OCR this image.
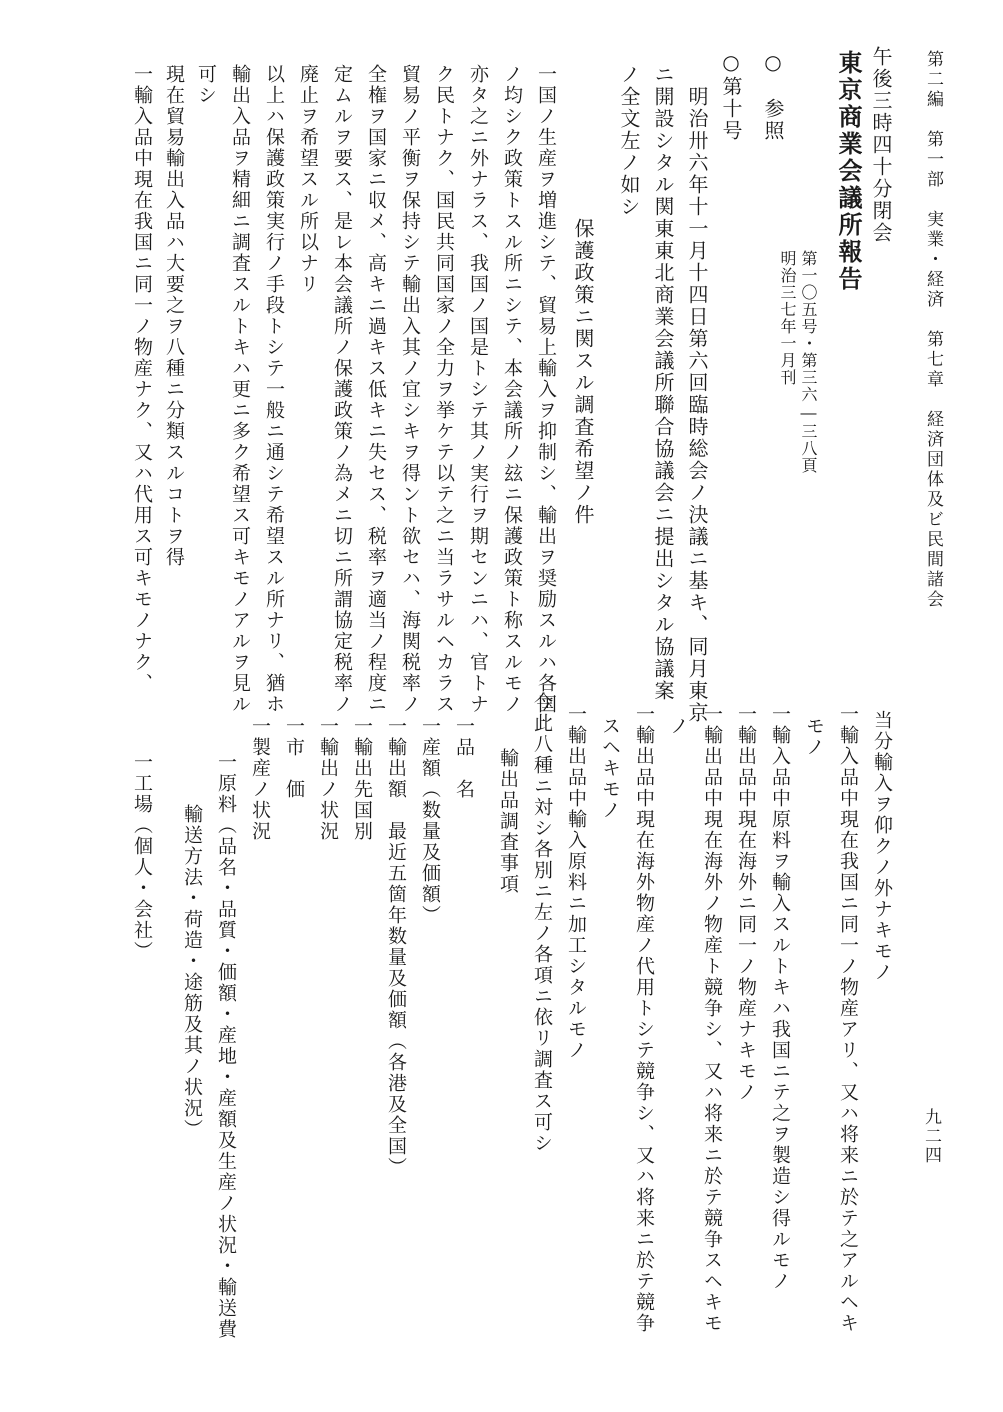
第二編　第一部　実業・経済　第七章　経済団体及ビ民間諸会
九二四
午後三時四十分閉会
東京商業会議所報告
第一〇五号・第三六―三八頁
明治三七年一月刊
○　参照
○第十号
明治卅六年十一月十四日第六回臨時総会ノ決議ニ基キ、同月東京
ニ開設シタル関東東北商業会議所聯合協議会ニ提出シタル協議案
ノ全文左ノ如シ
保護政策ニ関スル調査希望ノ件
一国ノ生産ヲ増進シテ、貿易上輸入ヲ抑制シ、輸出ヲ奨励スルハ各国
ノ均シク政策トスル所ニシテ、本会議所ノ玆ニ保護政策ト称スルモノ
亦タ之ニ外ナラス、我国ノ国是トシテ其ノ実行ヲ期センニハ、官トナ
ク民トナク、国民共同国家ノ全力ヲ挙ケテ以テ之ニ当ラサルヘカラス
貿易ノ平衡ヲ保持シテ輸出入其ノ宜シキヲ得ント欲セハ、海関税率ノ
全権ヲ国家ニ収メ、高キニ過キス低キニ失セス、税率ヲ適当ノ程度ニ
定ムルヲ要ス、是レ本会議所ノ保護政策ノ為メニ切ニ所謂協定税率ノ
廃止ヲ希望スル所以ナリ
以上ハ保護政策実行ノ手段トシテ一般ニ通シテ希望スル所ナリ、猶ホ
輸出入品ヲ精細ニ調査スルトキハ更ニ多ク希望ス可キモノアルヲ見ル
可シ
現在貿易輸出入品ハ大要之ヲ八種ニ分類スルコトヲ得
一輸入品中現在我国ニ同一ノ物産ナク、又ハ代用ス可キモノナク、
当分輸入ヲ仰クノ外ナキモノ
一輸入品中現在我国ニ同一ノ物産アリ、又ハ将来ニ於テ之アルヘキ
モノ
一輸入品中原料ヲ輸入スルトキハ我国ニテ之ヲ製造シ得ルモノ
一輸出品中現在海外ニ同一ノ物産ナキモノ
一輸出品中現在海外ノ物産ト競争シ、又ハ将来ニ於テ競争スヘキモ
ノ
一輸出品中現在海外物産ノ代用トシテ競争シ、又ハ将来ニ於テ競争
スヘキモノ
一輸出品中輸入原料ニ加工シタルモノ
今此八種ニ対シ各別ニ左ノ各項ニ依リ調査ス可シ
輸出品調査事項
一品　名
一産額（数量及価額）
一輸出額　最近五箇年数量及価額（各港及全国）
一輸出先国別
一輸出ノ状況
一市　価
一製産ノ状況
一原料（品名・品質・価額・産地・産額及生産ノ状況・輸送費
輸送方法・荷造・途筋及其ノ状況）
一工場（個人・会社）
